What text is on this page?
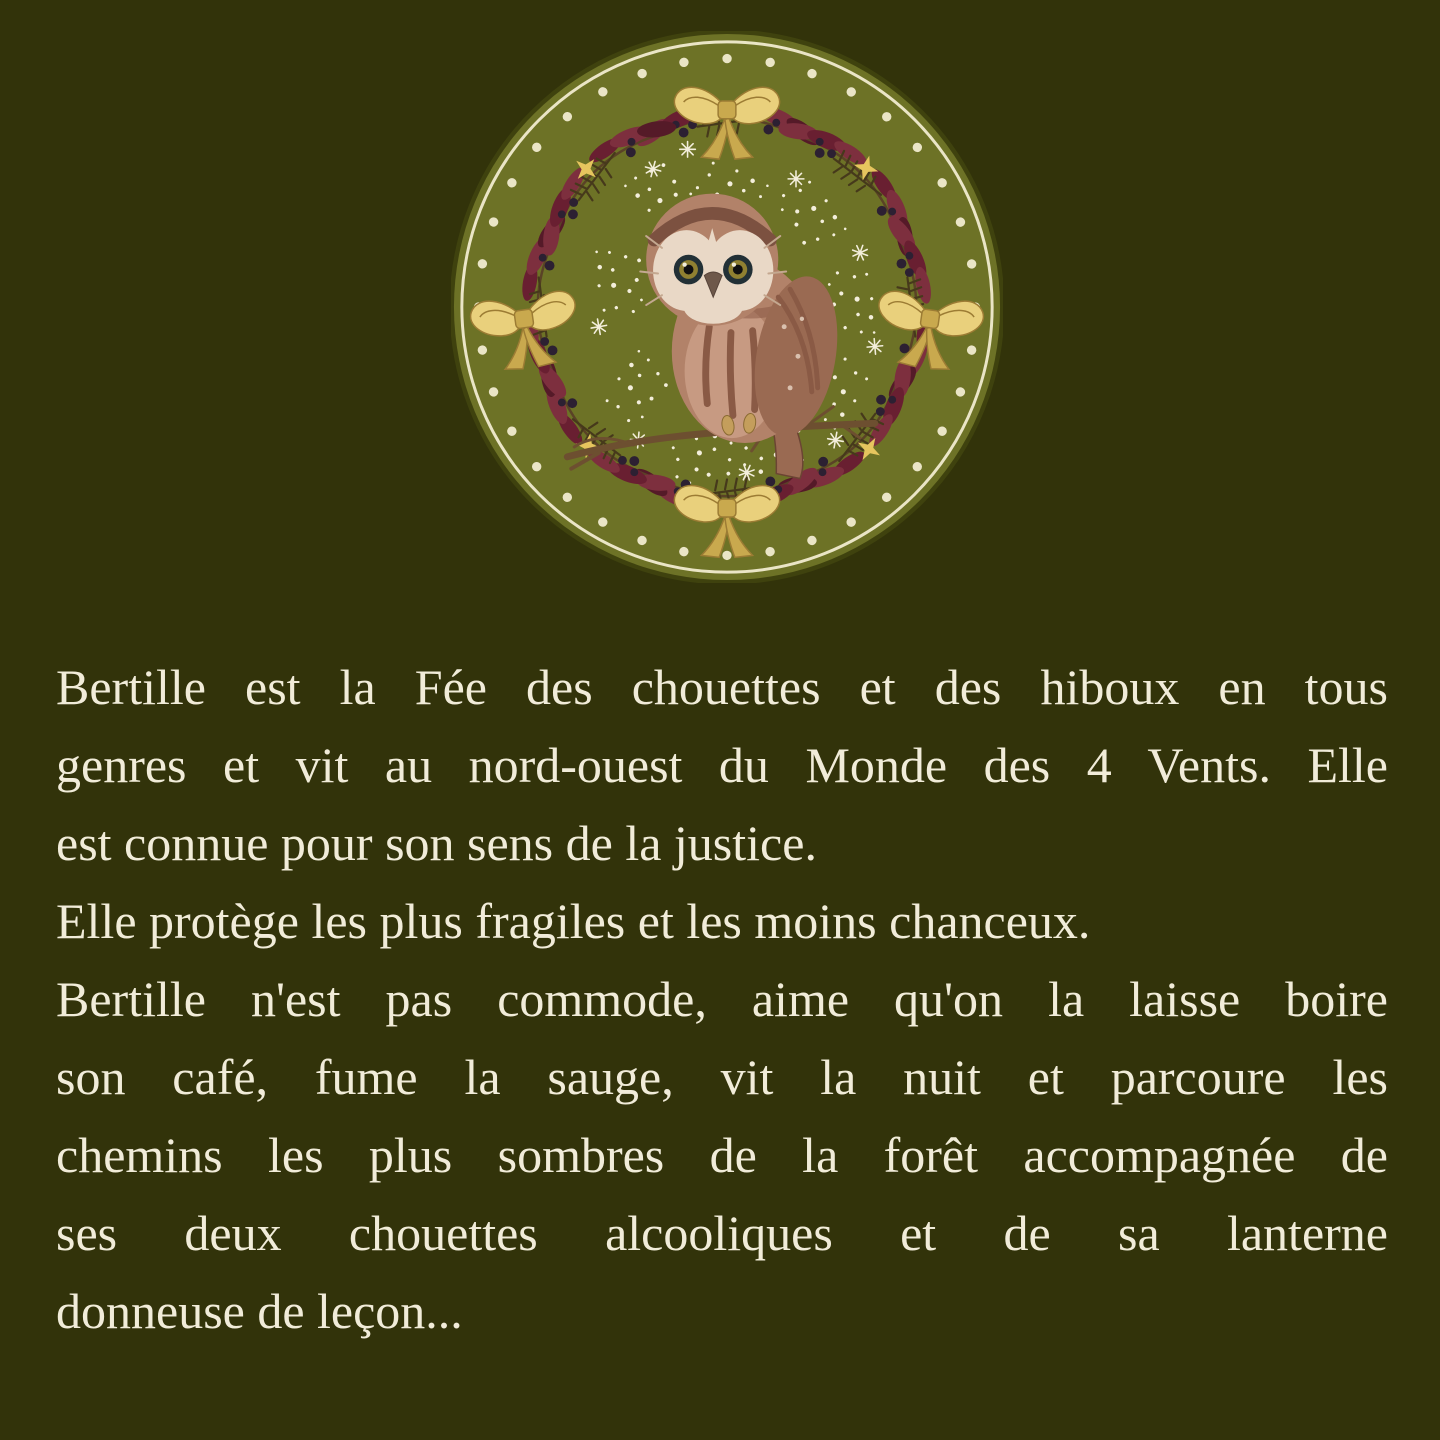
Bertille est la Fée des chouettes et des hiboux en tous

genres et vit au nord-ouest du Monde des 4 Vents. Elle

est connue pour son sens de la justice.

Elle protège les plus fragiles et les moins chanceux.

Bertille n'est pas commode, aime qu'on la laisse boire

son café, fume la sauge, vit la nuit et parcoure les

chemins les plus sombres de la forêt accompagnée de

ses deux chouettes alcooliques et de sa lanterne

donneuse de leçon...
